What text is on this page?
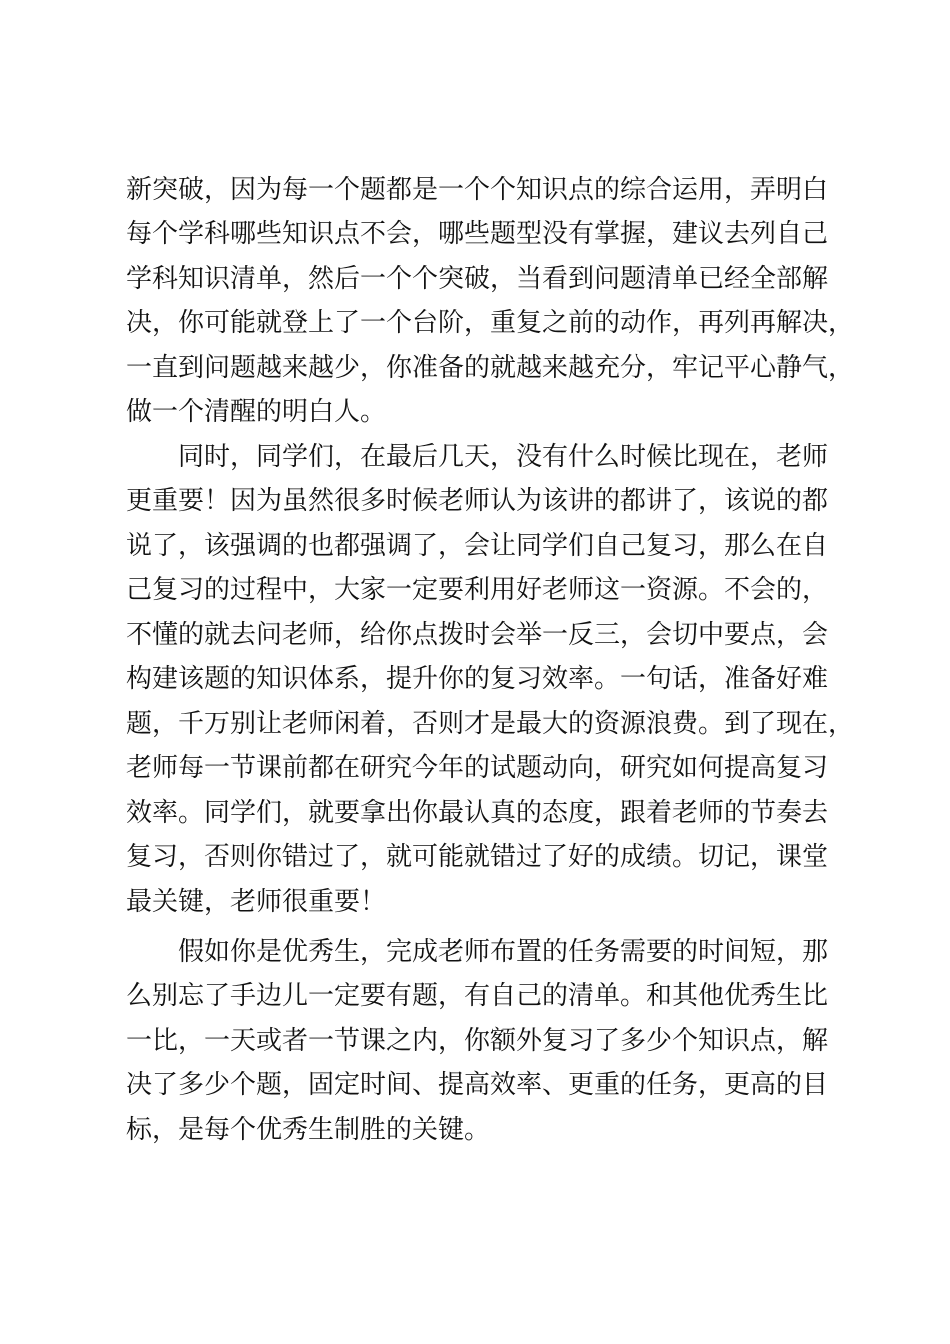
新突破，因为每一个题都是一个个知识点的综合运用，弄明白
每个学科哪些知识点不会，哪些题型没有掌握，建议去列自己
学科知识清单，然后一个个突破，当看到问题清单已经全部解
决，你可能就登上了一个台阶，重复之前的动作，再列再解决，
一直到问题越来越少，你准备的就越来越充分，牢记平心静气，
做一个清醒的明白人。
同时，同学们，在最后几天，没有什么时候比现在，老师
更重要！因为虽然很多时候老师认为该讲的都讲了，该说的都
说了，该强调的也都强调了，会让同学们自己复习，那么在自
己复习的过程中，大家一定要利用好老师这一资源。不会的，
不懂的就去问老师，给你点拨时会举一反三，会切中要点，会
构建该题的知识体系，提升你的复习效率。一句话，准备好难
题，千万别让老师闲着，否则才是最大的资源浪费。到了现在，
老师每一节课前都在研究今年的试题动向，研究如何提高复习
效率。同学们，就要拿出你最认真的态度，跟着老师的节奏去
复习，否则你错过了，就可能就错过了好的成绩。切记，课堂
最关键，老师很重要！
假如你是优秀生，完成老师布置的任务需要的时间短，那
么别忘了手边儿一定要有题，有自己的清单。和其他优秀生比
一比，一天或者一节课之内，你额外复习了多少个知识点，解
决了多少个题，固定时间、提高效率、更重的任务，更高的目
标，是每个优秀生制胜的关键。
